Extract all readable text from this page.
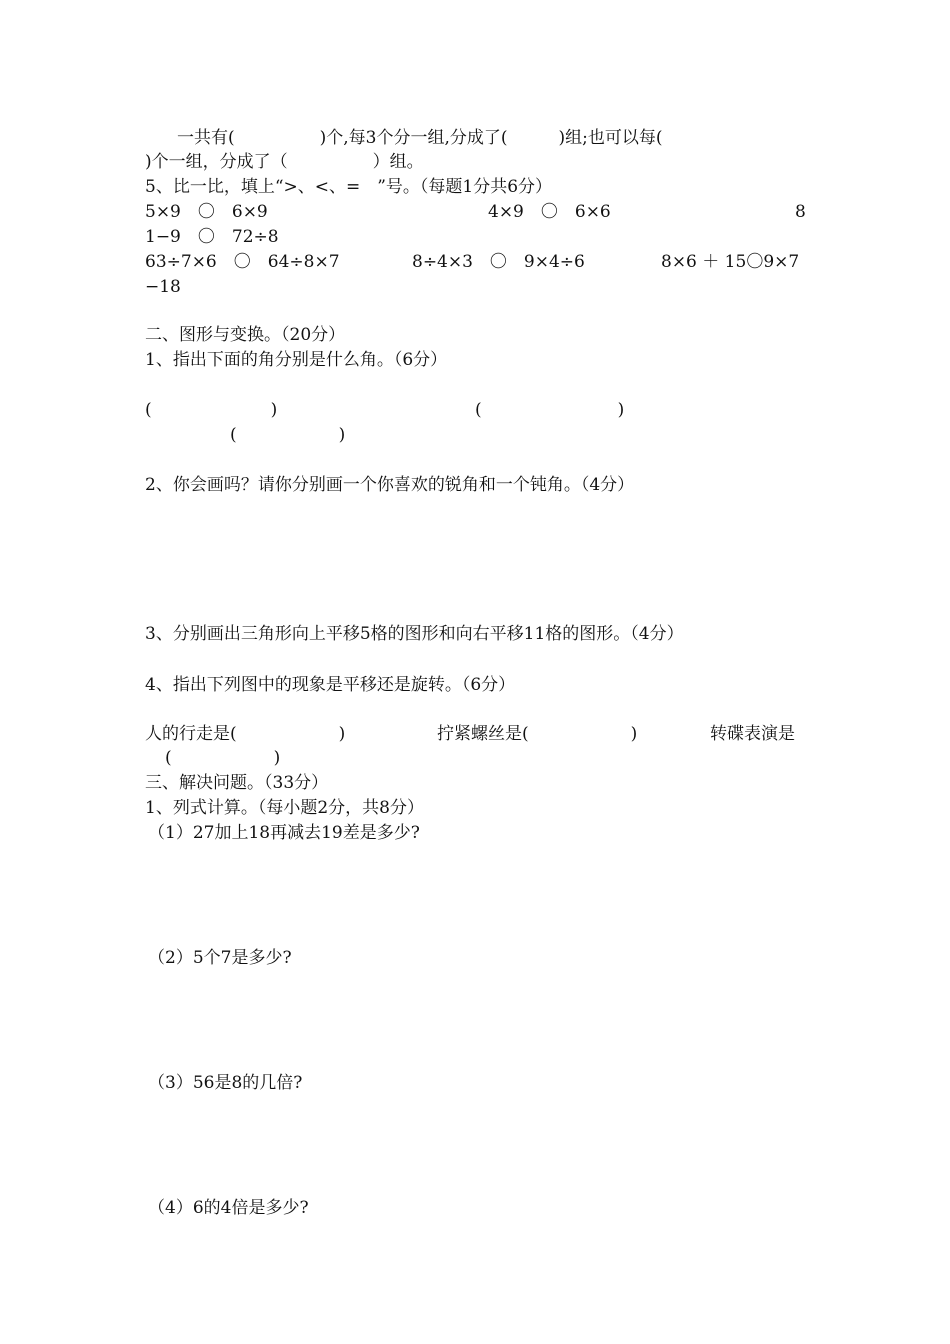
　一共有(　　　　　)个,每3个分一组,分成了(　　　)组;也可以每(
)个一组，分成了（　　　　　）组。
5、比一比，填上“>、<、=　”号。（每题1分共6分）
5×9　〇　6×9	4×9　〇　6×6	8
1−9　〇　72÷8
63÷7×6　〇　64÷8×7	8÷4×3　〇　9×4÷6	8×6 ＋ 15〇9×7
−18
二、图形与变换。（20分）
1、指出下面的角分别是什么角。（6分）
(　　　　　　　)	(　　　　　　　　)
(　　　　　　)
2、你会画吗？请你分别画一个你喜欢的锐角和一个钝角。（4分）
3、分别画出三角形向上平移5格的图形和向右平移11格的图形。（4分）
4、指出下列图中的现象是平移还是旋转。（6分）
人的行走是(　　　　　　)	拧紧螺丝是(　　　　　　)	转碟表演是
(　　　　　　)
三、解决问题。（33分）
1、列式计算。（每小题2分，共8分）
（1）27加上18再减去19差是多少?
（2）5个7是多少?
（3）56是8的几倍?
（4）6的4倍是多少?
